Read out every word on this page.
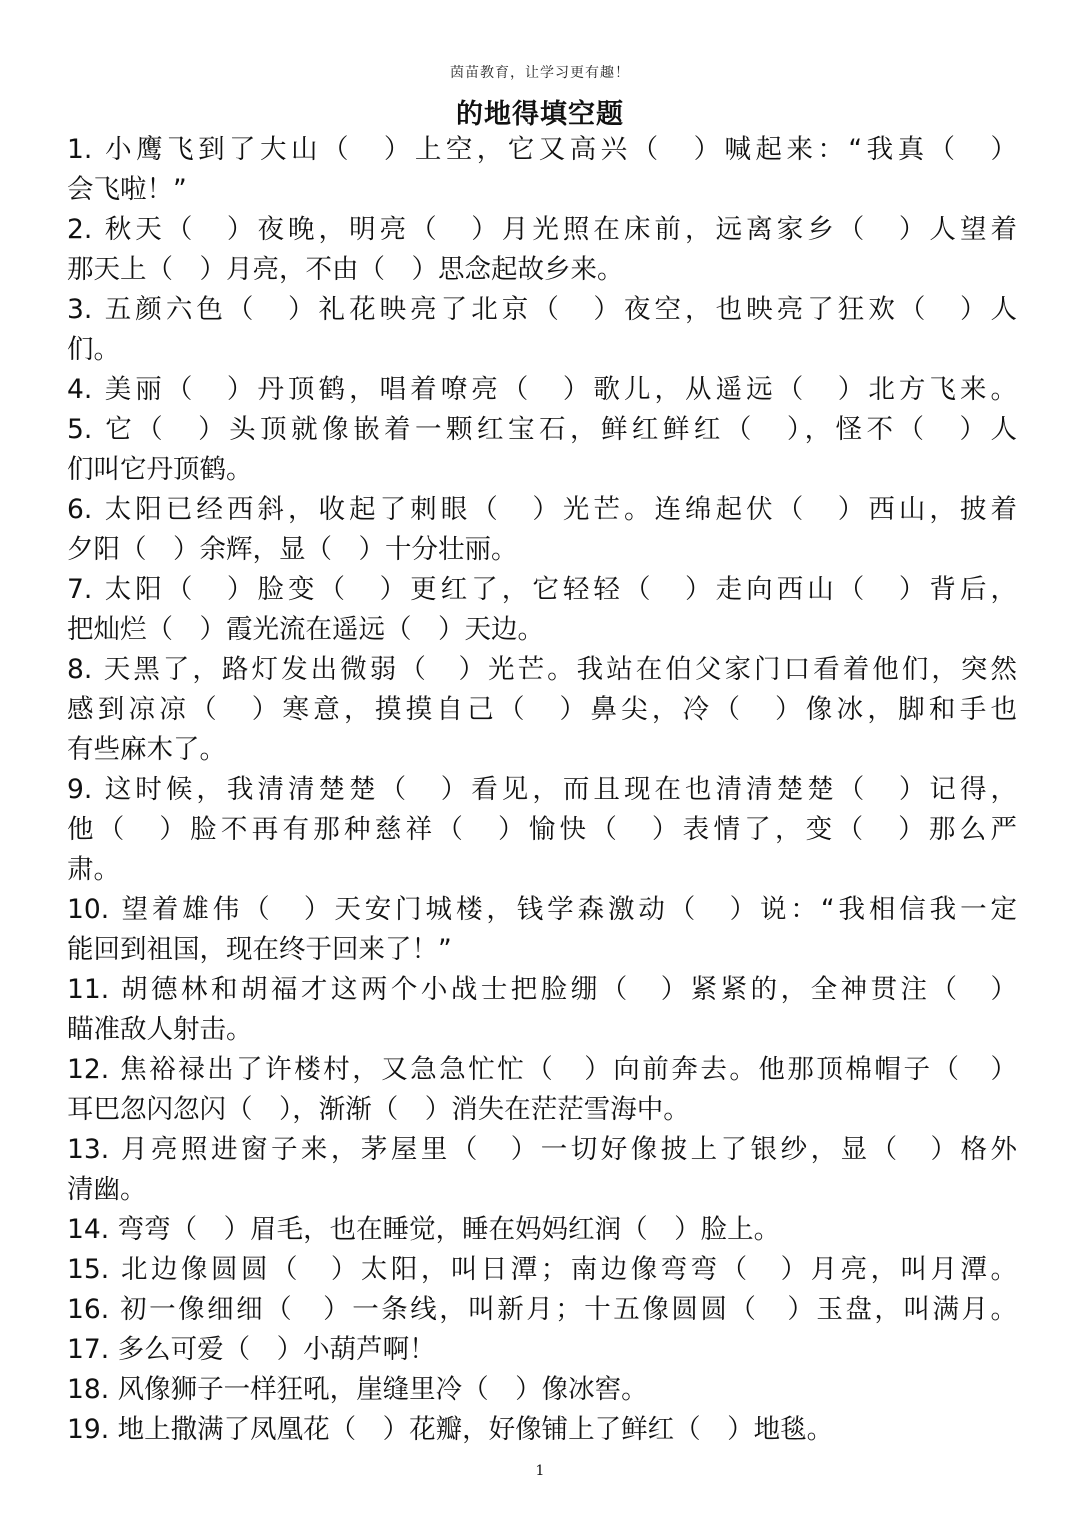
茵苗教育，让学习更有趣！
的地得填空题
1. 小鹰飞到了大山（　）上空，它又高兴（　）喊起来：“我真（　）
会飞啦！”
2. 秋天（　）夜晚，明亮（　）月光照在床前，远离家乡（　）人望着
那天上（　）月亮，不由（　）思念起故乡来。
3. 五颜六色（　）礼花映亮了北京（　）夜空，也映亮了狂欢（　）人
们。
4. 美丽（　）丹顶鹤，唱着嘹亮（　）歌儿，从遥远（　）北方飞来。
5. 它（　）头顶就像嵌着一颗红宝石，鲜红鲜红（　），怪不（　）人
们叫它丹顶鹤。
6. 太阳已经西斜，收起了刺眼（　）光芒。连绵起伏（　）西山，披着
夕阳（　）余辉，显（　）十分壮丽。
7. 太阳（　）脸变（　）更红了，它轻轻（　）走向西山（　）背后，
把灿烂（　）霞光流在遥远（　）天边。
8. 天黑了，路灯发出微弱（　）光芒。我站在伯父家门口看着他们，突然
感到凉凉（　）寒意，摸摸自己（　）鼻尖，冷（　）像冰，脚和手也
有些麻木了。
9. 这时候，我清清楚楚（　）看见，而且现在也清清楚楚（　）记得，
他（　）脸不再有那种慈祥（　）愉快（　）表情了，变（　）那么严
肃。
10. 望着雄伟（　）天安门城楼，钱学森激动（　）说：“我相信我一定
能回到祖国，现在终于回来了！”
11. 胡德林和胡福才这两个小战士把脸绷（　）紧紧的，全神贯注（　）
瞄准敌人射击。
12. 焦裕禄出了许楼村，又急急忙忙（　）向前奔去。他那顶棉帽子（　）
耳巴忽闪忽闪（　），渐渐（　）消失在茫茫雪海中。
13. 月亮照进窗子来，茅屋里（　）一切好像披上了银纱，显（　）格外
清幽。
14. 弯弯（　）眉毛，也在睡觉，睡在妈妈红润（　）脸上。
15. 北边像圆圆（　）太阳，叫日潭；南边像弯弯（　）月亮，叫月潭。
16. 初一像细细（　）一条线，叫新月；十五像圆圆（　）玉盘，叫满月。
17. 多么可爱（　）小葫芦啊！
18. 风像狮子一样狂吼，崖缝里冷（　）像冰窖。
19. 地上撒满了凤凰花（　）花瓣，好像铺上了鲜红（　）地毯。
1
